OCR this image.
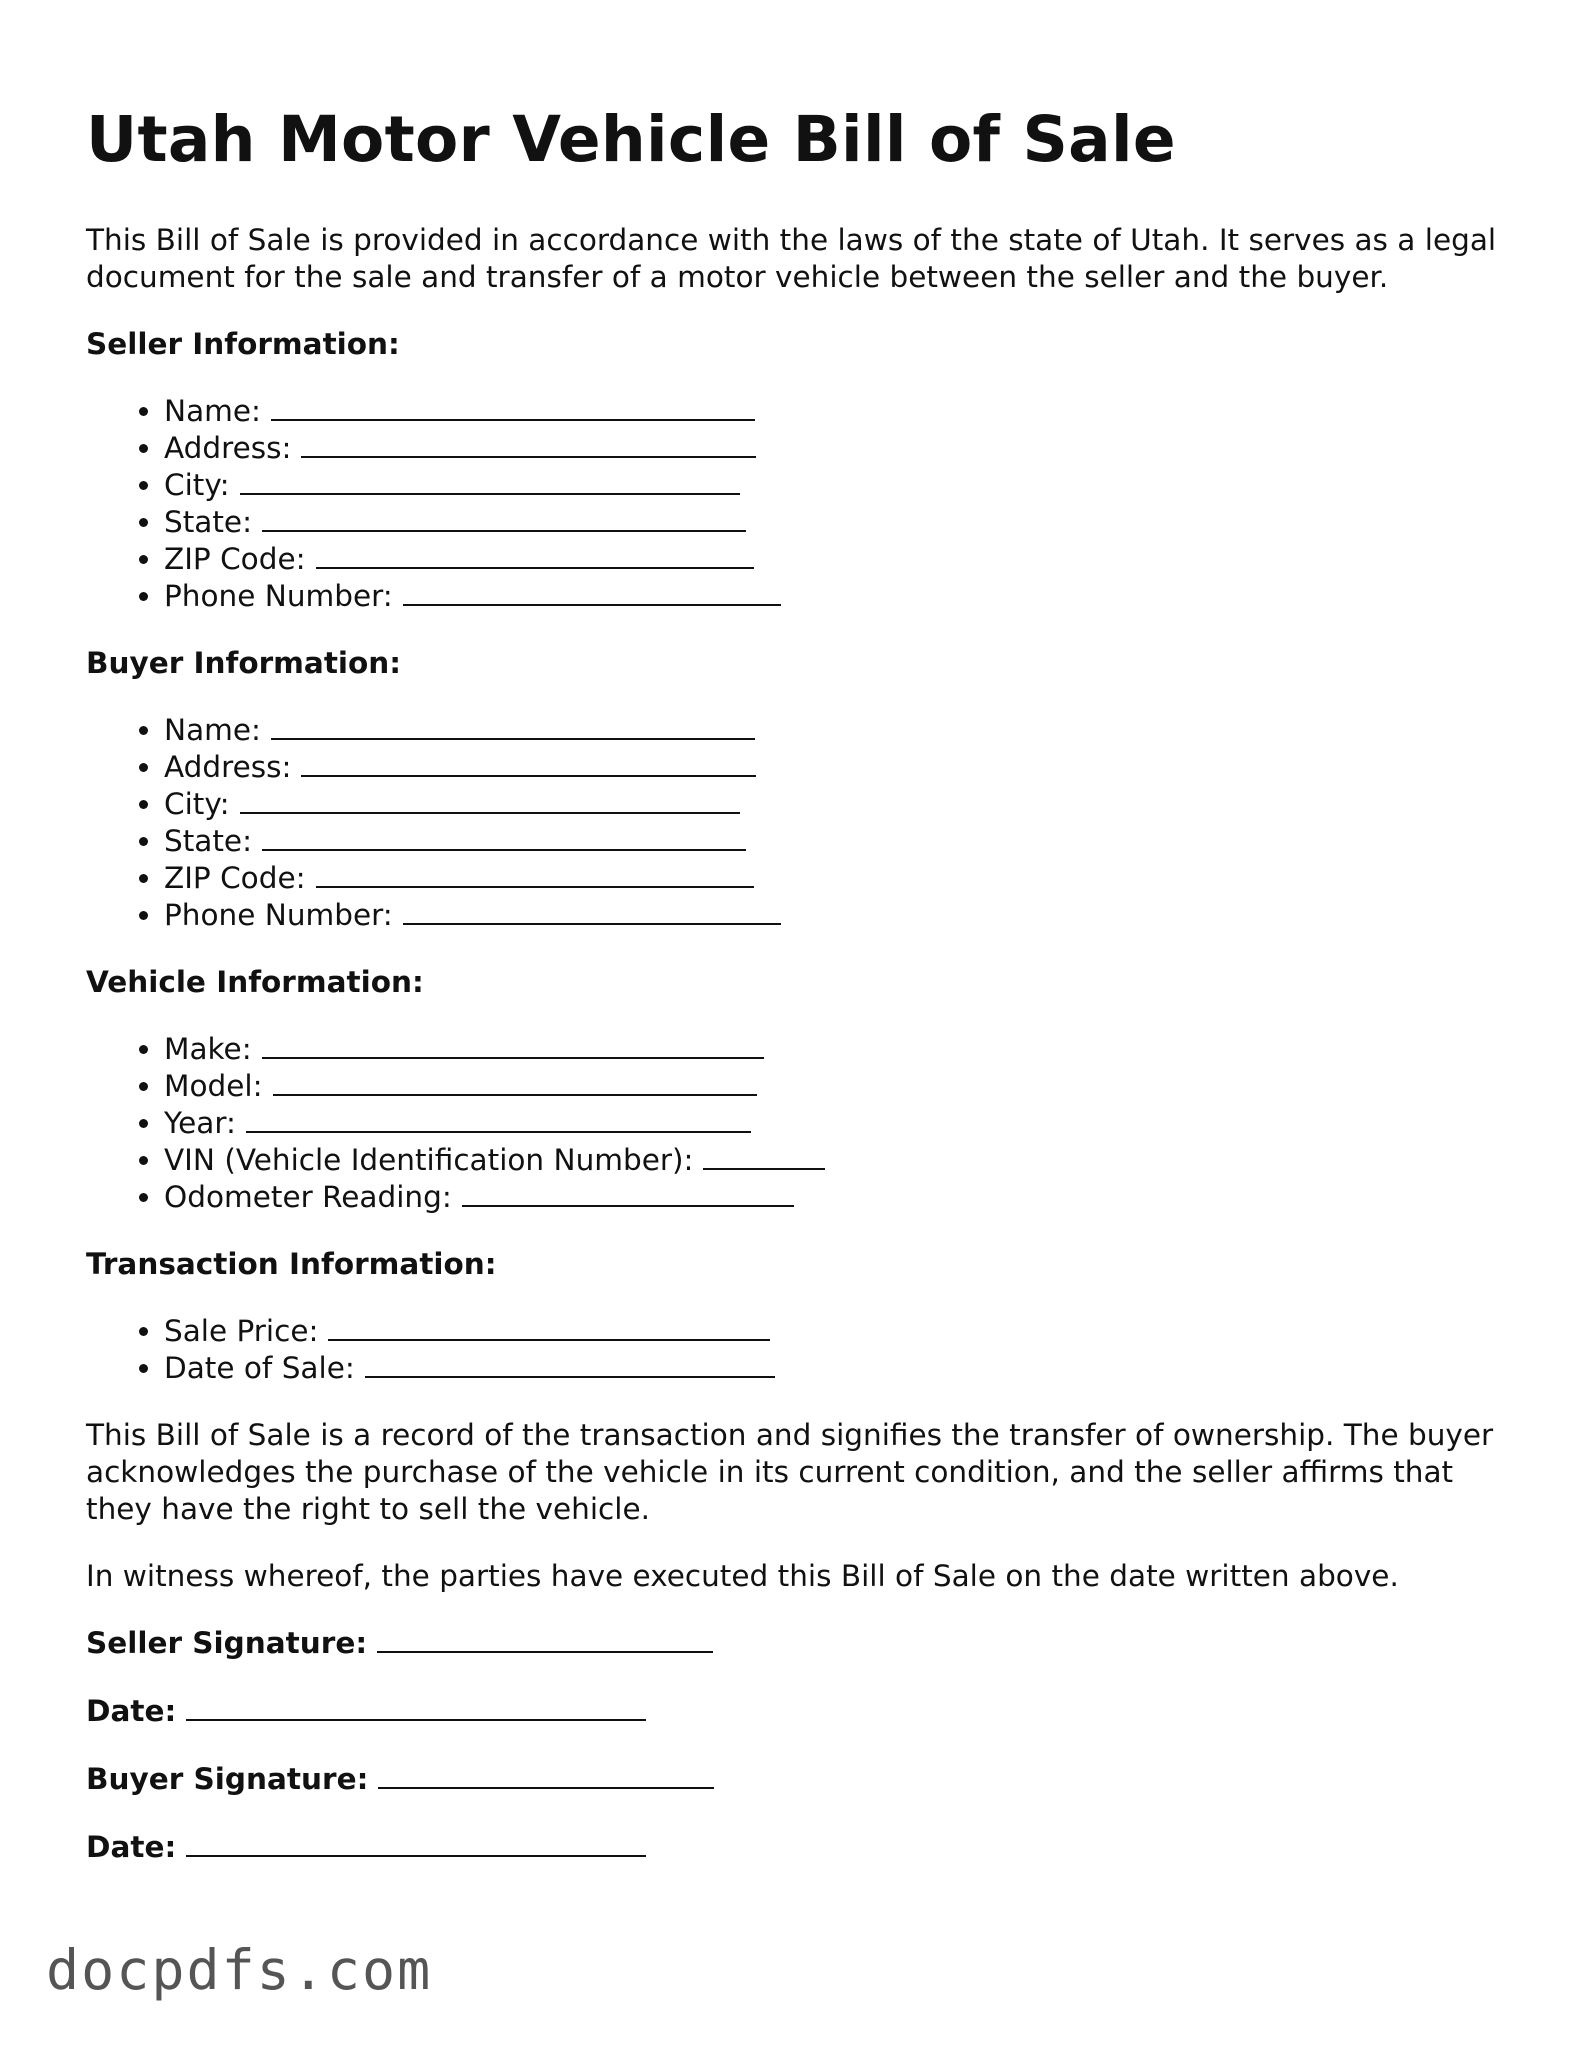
Utah Motor Vehicle Bill of Sale

This Bill of Sale is provided in accordance with the laws of the state of Utah. It serves as a legal document for the sale and transfer of a motor vehicle between the seller and the buyer.

Seller Information:
• Name:
• Address:
• City:
• State:
• ZIP Code:
• Phone Number:
Buyer Information:
• Name:
• Address:
• City:
• State:
• ZIP Code:
• Phone Number:
Vehicle Information:
• Make:
• Model:
• Year:
• VIN (Vehicle Identification Number):
• Odometer Reading:
Transaction Information:
• Sale Price:
• Date of Sale:

This Bill of Sale is a record of the transaction and signifies the transfer of ownership. The buyer acknowledges the purchase of the vehicle in its current condition, and the seller affirms that they have the right to sell the vehicle.

In witness whereof, the parties have executed this Bill of Sale on the date written above.

Seller Signature:
Date:
Buyer Signature:
Date:
docpdfs.com
